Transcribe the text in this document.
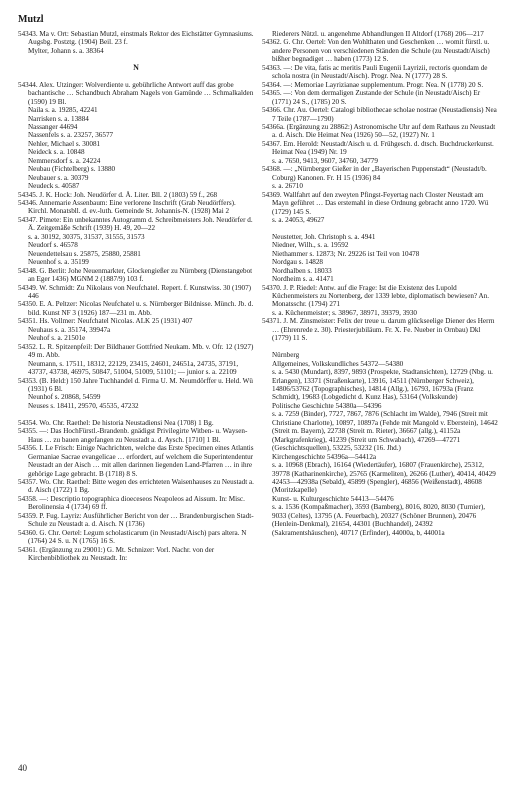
Mutzl
54343. Ma v. Ort: Sebastian Mutzl, einstmals Rektor des Eichstätter Gymnasiums. Augsbg. Postztg. (1904) Beil. 23 f.
Mylter, Johann s. a. 38364
N
54344. Alex. Utzinger: Wolverdiente u. gebührliche Antwort auff das grobe bachantische … Schandbuch Abraham Nagels von Gamünde … Schmalkalden (1590) 19 Bl.
Naila s. a. 19285, 42241
Narrisken s. a. 13884
Nassanger 44694
Nassenfels s. a. 23257, 36577
Nehler, Michael s. 30081
Neideck s. a. 10848
Nemmersdorf s. a. 24224
Neubau (Fichtelberg) s. 13880
Neubauer s. a. 30379
Neudeck s. 40587
54345. J. K. Hock: Joh. Neudörfer d. Ä. Liter. Bll. 2 (1803) 59 f., 268
54346. Annemarie Assenbaum: Eine verlorene Inschrift (Grab Neudörffers). Kirchl. Monatsbll. d. ev.-luth. Gemeinde St. Johannis-N. (1928) Mai 2
54347. Pimete: Ein unbekanntes Autogramm d. Schreibmeisters Joh. Neudörfer d. Ä. Zeitgemäße Schrift (1939) H. 49, 20—22
s. a. 30192, 30375, 31537, 31555, 31573
Neudorf s. 46578
Neuendettelsau s. 25875, 25880, 25881
Neuenhof s. a. 35199
54348. G. Berlit: Johe Neuenmarkter, Glockengießer zu Nürnberg (Dienstangebot an Eger 1436) MGNM 2 (1887/9) 103 f.
54349. W. Schmidt: Zu Nikolaus von Neufchatel. Repert. f. Kunstwiss. 30 (1907) 446
54350. E. A. Peltzer: Nicolas Neufchatel u. s. Nürnberger Bildnisse. Münch. Jb. d. bild. Kunst NF 3 (1926) 187—231 m. Abb.
54351. Hs. Vollmer: Neufchatel Nicolas. ALK 25 (1931) 407
Neuhaus s. a. 35174, 39947a
Neuhof s. a. 21501e
54352. L. R. Spitzenpfeil: Der Bildhauer Gottfried Neukam. Mb. v. Ofr. 12 (1927) 49 m. Abb.
Neumann, s. 17511, 18312, 22129, 23415, 24601, 24651a, 24735, 37191, 43737, 43738, 46975, 50847, 51004, 51009, 51101; — junior s. a. 22109
54353. (B. Held:) 150 Jahre Tuchhandel d. Firma U. M. Neumdörffer u. Held. Wü (1931) 6 Bl.
Neunhof s. 20868, 54599
Neuses s. 18411, 29570, 45535, 47232
54354. Wo. Chr. Raethel: De historia Neustadiensi Nea (1708) 1 Bg.
54355. —: Das HochFürstl.-Brandenb. gnädigst Privilegirte Witben- u. Waysen-Haus … zu bauen angefangen zu Neustadt a. d. Aysch. [1710] 1 Bl.
54356. I. Le Frisch: Einige Nachrichten, welche das Erste Specimen eines Atlantis Germaniae Sacrae evangelicae … erfordert, auf welchem die Superintendentur Neustadt an der Aisch … mit allen darinnen liegenden Land-Pfarren … in ihre gehörige Lage gebracht. B (1718) 8 S.
54357. Wo. Chr. Raethel: Bitte wegen des errichteten Waisenhauses zu Neustadt a. d. Aisch (1722) 1 Bg.
54358. —: Descriptio topographica dioeceseos Neapoleos ad Aissum. In: Misc. Berolinensia 4 (1734) 69 ff.
54359. P. Fug. Layriz: Ausführlicher Bericht von der … Brandenburgischen Stadt-Schule zu Neustadt a. d. Aisch. N (1736)
54360. G. Chr. Oertel: Legum scholasticarum (in Neustadt/Aisch) pars altera. N (1764) 24 S. u. N (1765) 16 S.
54361. (Ergänzung zu 29001:) G. Mt. Schnizer: Vorl. Nachr. von der Kirchenbibliothek zu Neustadt. In:
Riederers Nützl. u. angenehme Abhandlungen II Altdorf (1768) 206—217
54362. G. Chr. Oertel: Von den Wohlthaten und Geschenken … womit fürstl. u. andere Personen von verschiedenen Ständen die Schule (zu Neustadt/Aisch) bißher begnadiget … haben (1773) 12 S.
54363. —: De vita, fatis ac meritis Pauli Eugenii Layrizii, rectoris quondam de schola nostra (in Neustadt/Aisch). Progr. Nea. N (1777) 28 S.
54364. —: Memoriae Layrizianae supplementum. Progr. Nea. N (1778) 20 S.
54365. —: Von dem dermaligen Zustande der Schule (in Neustadt/Aisch) Er (1771) 24 S., (1785) 20 S.
54366. Chr. Au. Oertel: Catalogi bibliothecae scholae nostrae (Neustadiensis) Nea 7 Teile (1787—1790)
54366a. (Ergänzung zu 28862:) Astronomische Uhr auf dem Rathaus zu Neustadt a. d. Aisch. Die Heimat Nea (1926) 50—52, (1927) Nr. 1
54367. Em. Herold: Neustadt/Aisch u. d. Frühgesch. d. dtsch. Buchdruckerkunst. Heimat Nea (1949) Nr. 19
s. a. 7650, 9413, 9607, 34760, 34779
54368. —: „Nürnberger Gießer in der „Bayerischen Puppenstadt“ (Neustadt/b. Coburg) Kanonen. Fr. H 15 (1936) 84
s. a. 26710
54369. Wallfahrt auf den zweyten Pfingst-Feyertag nach Closter Neustadt am Mayn geführet … Das erstemahl in diese Ordnung gebracht anno 1720. Wü (1729) 145 S.
s. a. 24053, 49627
Neustetter, Joh. Christoph s. a. 4941
Niedner, Wilh., s. a. 19592
Niethammer s. 12873; Nr. 29226 ist Teil von 10478
Nordgau s. 14828
Nordhalben s. 18033
Nordheim s. a. 41471
54370. J. P. Riedel: Antw. auf die Frage: Ist die Existenz des Lupold Küchenmeisters zu Nortenberg, der 1339 lebte, diplomatisch bewiesen? An. Monatsschr. (1794) 271
s. a. Küchenmeister; s. 38967, 38971, 39379, 3930
54371. J. M. Zinsmeister: Felix der treue u. darum glückseelige Diener des Herrn … (Ehrenrede z. 30). Priesterjubiläum. Fr. X. Fe. Nueber in Ornbau) Dkl (1779) 11 S.
Nürnberg
Allgemeines, Volkskundliches 54372—54380
s. a. 5430 (Mundart), 8397, 9893 (Prospekte, Stadtansichten), 12729 (Nbg. u. Erlangen), 13371 (Straßenkarte), 13916, 14511 (Nürnberger Schweiz), 14806/53762 (Topographisches), 14814 (Allg.), 16793, 16793a (Franz Schmidt), 19683 (Lobgedicht d. Kunz Has), 53164 (Volkskunde)
Politische Geschichte 54380a—54396
s. a. 7259 (Binder), 7727, 7867, 7876 (Schlacht im Walde), 7946 (Streit mit Christiane Charlotte), 10897, 10897a (Fehde mit Mangold v. Eberstein), 14642 (Streit m. Bayern), 22738 (Streit m. Rieter), 36667 (allg.), 41152a (Markgrafenkrieg), 41239 (Streit um Schwabach), 47269—47271 (Geschichtsquellen), 53225, 53232 (16. Jhd.)
Kirchengeschichte 54396a—54412a
s. a. 10968 (Ebrach), 16164 (Wiedertäufer), 16807 (Frauenkirche), 25312, 39778 (Katharinenkirche), 25765 (Karmeliten), 26266 (Luther), 40414, 40429 42453—42938a (Sebald), 45899 (Spengler), 46856 (Weißenstadt), 48608 (Moritzkapelle)
Kunst- u. Kulturgeschichte 54413—54476
s. a. 1536 (Kompaßmacher), 3593 (Bamberg), 8016, 8020, 8030 (Turnier), 9033 (Celtes), 13795 (A. Feuerbach), 20327 (Schöner Brunnen), 20476 (Henlein-Denkmal), 21654, 44301 (Buchhandel), 24392 (Sakramentshäuschen), 40717 (Erfinder), 44000a, b, 44001a
40
